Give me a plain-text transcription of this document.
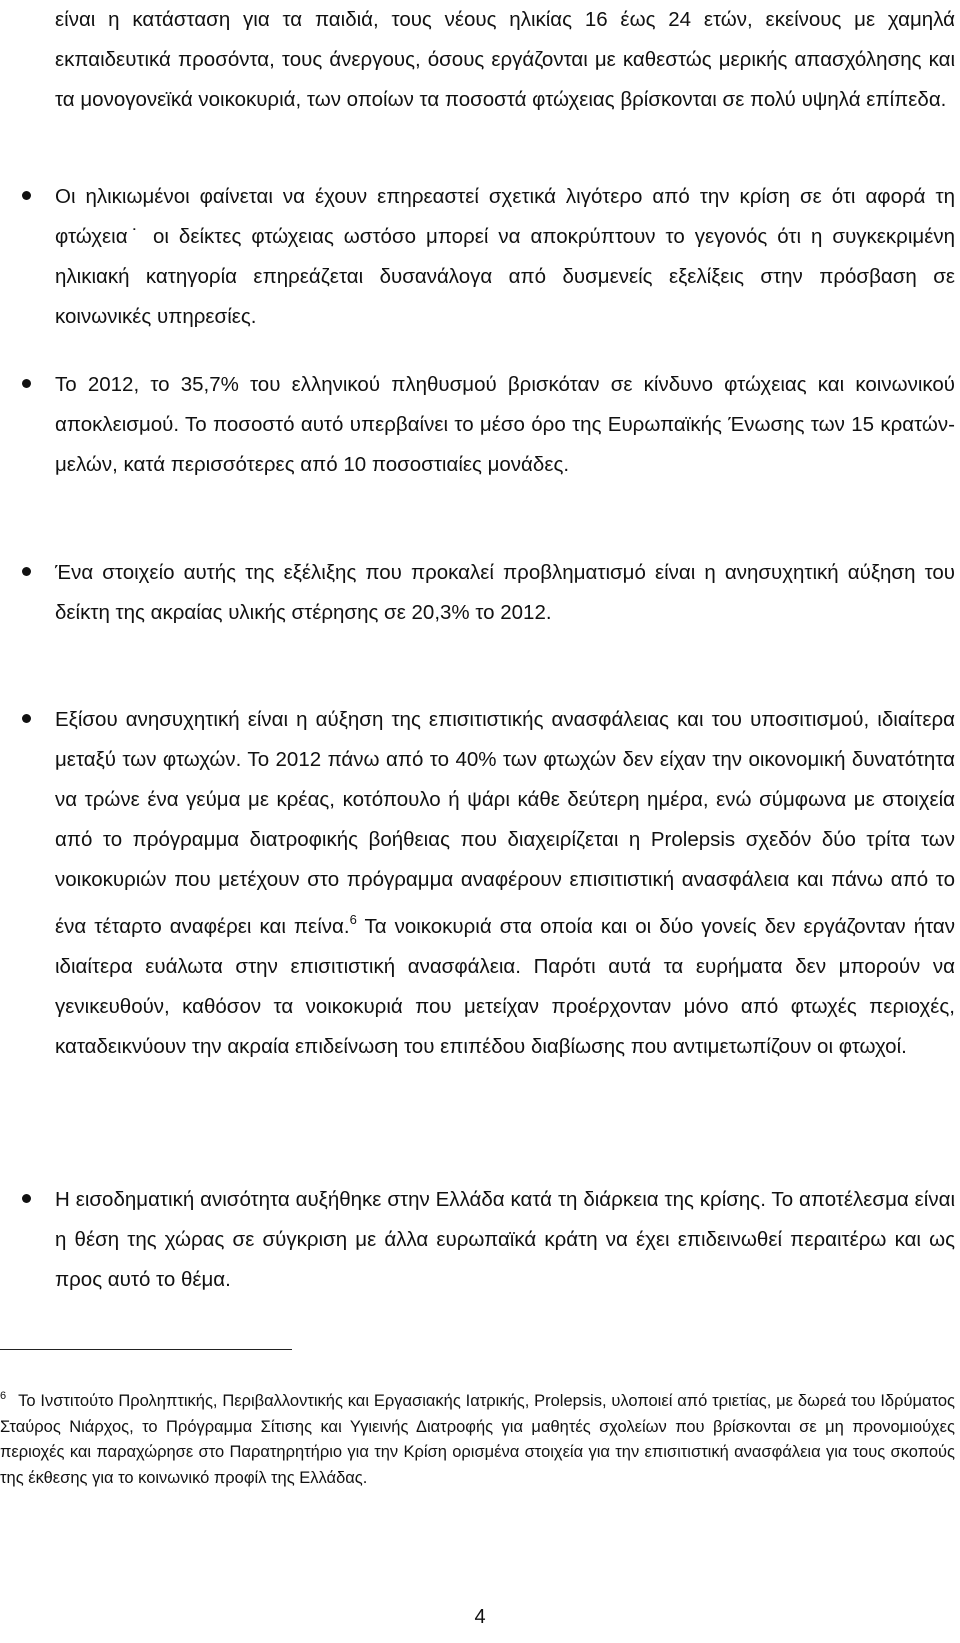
είναι η κατάσταση για τα παιδιά, τους νέους ηλικίας 16 έως 24 ετών, εκείνους με χαμηλά εκπαιδευτικά προσόντα, τους άνεργους, όσους εργάζονται με καθεστώς μερικής απασχόλησης και τα μονογονεϊκά νοικοκυριά, των οποίων τα ποσοστά φτώχειας βρίσκονται σε πολύ υψηλά επίπεδα.
Οι ηλικιωμένοι φαίνεται να έχουν επηρεαστεί σχετικά λιγότερο από την κρίση σε ότι αφορά τη φτώχεια˙ οι δείκτες φτώχειας ωστόσο μπορεί να αποκρύπτουν το γεγονός ότι η συγκεκριμένη ηλικιακή κατηγορία επηρεάζεται δυσανάλογα από δυσμενείς εξελίξεις στην πρόσβαση σε κοινωνικές υπηρεσίες.
Το 2012, το 35,7% του ελληνικού πληθυσμού βρισκόταν σε κίνδυνο φτώχειας και κοινωνικού αποκλεισμού. Το ποσοστό αυτό υπερβαίνει το μέσο όρο της Ευρωπαϊκής Ένωσης των 15 κρατών-μελών, κατά περισσότερες από 10 ποσοστιαίες μονάδες.
Ένα στοιχείο αυτής της εξέλιξης που προκαλεί προβληματισμό είναι η ανησυχητική αύξηση του δείκτη της ακραίας υλικής στέρησης σε 20,3% το 2012.
Εξίσου ανησυχητική είναι η αύξηση της επισιτιστικής ανασφάλειας και του υποσιτισμού, ιδιαίτερα μεταξύ των φτωχών. Το 2012 πάνω από το 40% των φτωχών δεν είχαν την οικονομική δυνατότητα να τρώνε ένα γεύμα με κρέας, κοτόπουλο ή ψάρι κάθε δεύτερη ημέρα, ενώ σύμφωνα με στοιχεία από το πρόγραμμα διατροφικής βοήθειας που διαχειρίζεται η Prolepsis σχεδόν δύο τρίτα των νοικοκυριών που μετέχουν στο πρόγραμμα αναφέρουν επισιτιστική ανασφάλεια και πάνω από το ένα τέταρτο αναφέρει και πείνα.$^6$ Τα νοικοκυριά στα οποία και οι δύο γονείς δεν εργάζονταν ήταν ιδιαίτερα ευάλωτα στην επισιτιστική ανασφάλεια. Παρότι αυτά τα ευρήματα δεν μπορούν να γενικευθούν, καθόσον τα νοικοκυριά που μετείχαν προέρχονταν μόνο από φτωχές περιοχές, καταδεικνύουν την ακραία επιδείνωση του επιπέδου διαβίωσης που αντιμετωπίζουν οι φτωχοί.
Η εισοδηματική ανισότητα αυξήθηκε στην Ελλάδα κατά τη διάρκεια της κρίσης. Το αποτέλεσμα είναι η θέση της χώρας σε σύγκριση με άλλα ευρωπαϊκά κράτη να έχει επιδεινωθεί περαιτέρω και ως προς αυτό το θέμα.
$^6$ Το Ινστιτούτο Προληπτικής, Περιβαλλοντικής και Εργασιακής Ιατρικής, Prolepsis, υλοποιεί από τριετίας, με δωρεά του Ιδρύματος Σταύρος Νιάρχος, το Πρόγραμμα Σίτισης και Υγιεινής Διατροφής για μαθητές σχολείων που βρίσκονται σε μη προνομιούχες περιοχές και παραχώρησε στο Παρατηρητήριο για την Κρίση ορισμένα στοιχεία για την επισιτιστική ανασφάλεια για τους σκοπούς της έκθεσης για το κοινωνικό προφίλ της Ελλάδας.
4
